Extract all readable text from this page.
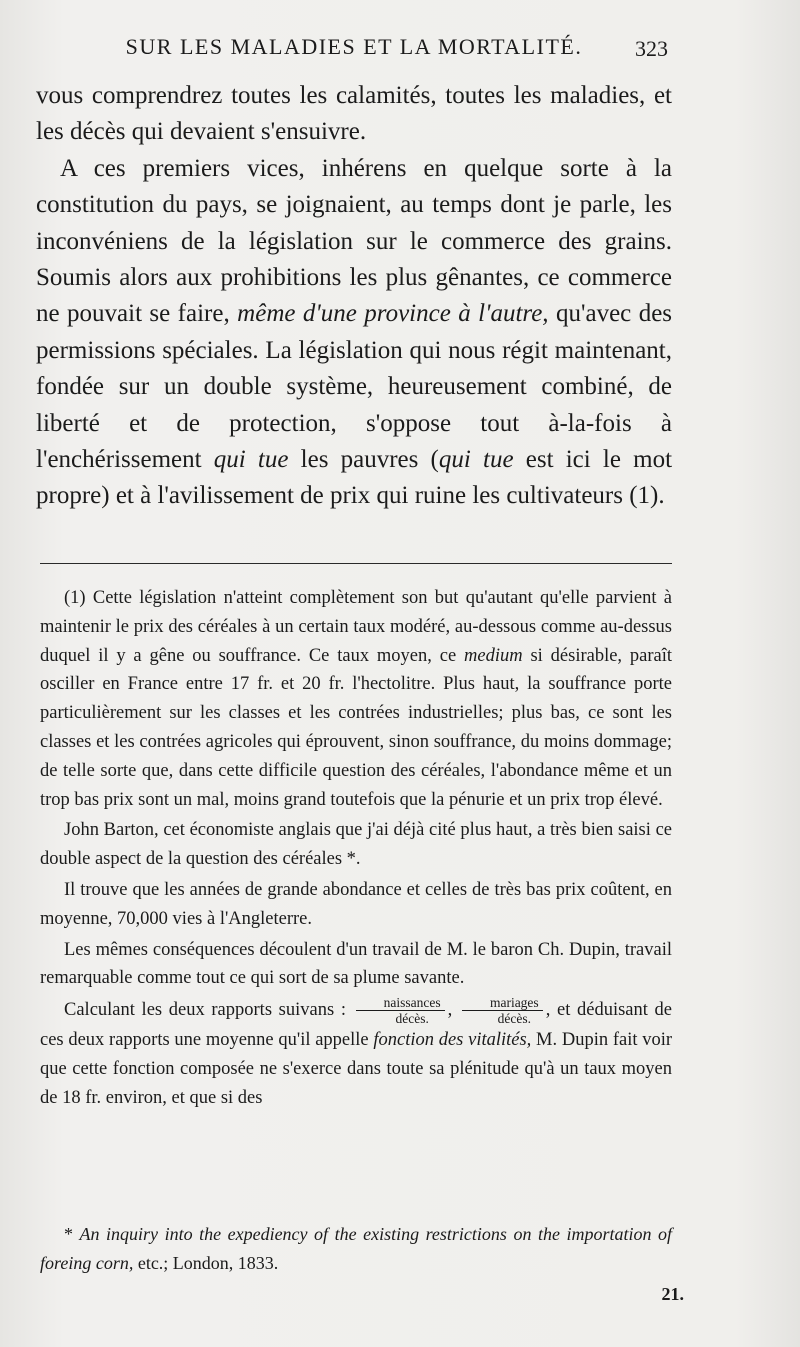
SUR LES MALADIES ET LA MORTALITÉ.	323

vous comprendrez toutes les calamités, toutes les maladies, et les décès qui devaient s'ensuivre.

A ces premiers vices, inhérens en quelque sorte à la constitution du pays, se joignaient, au temps dont je parle, les inconvéniens de la législation sur le commerce des grains. Soumis alors aux prohibitions les plus gênantes, ce commerce ne pouvait se faire, même d'une province à l'autre, qu'avec des permissions spéciales. La législation qui nous régit maintenant, fondée sur un double système, heureusement combiné, de liberté et de protection, s'oppose tout à-la-fois à l'enchérissement qui tue les pauvres (qui tue est ici le mot propre) et à l'avilissement de prix qui ruine les cultivateurs (1).

(1) Cette législation n'atteint complètement son but qu'autant qu'elle parvient à maintenir le prix des céréales à un certain taux modéré, au-dessous comme au-dessus duquel il y a gêne ou souffrance. Ce taux moyen, ce medium si désirable, paraît osciller en France entre 17 fr. et 20 fr. l'hectolitre. Plus haut, la souffrance porte particulièrement sur les classes et les contrées industrielles; plus bas, ce sont les classes et les contrées agricoles qui éprouvent, sinon souffrance, du moins dommage; de telle sorte que, dans cette difficile question des céréales, l'abondance même et un trop bas prix sont un mal, moins grand toutefois que la pénurie et un prix trop élevé.

John Barton, cet économiste anglais que j'ai déjà cité plus haut, a très bien saisi ce double aspect de la question des céréales *.

Il trouve que les années de grande abondance et celles de très bas prix coûtent, en moyenne, 70,000 vies à l'Angleterre.

Les mêmes conséquences découlent d'un travail de M. le baron Ch. Dupin, travail remarquable comme tout ce qui sort de sa plume savante.

Calculant les deux rapports suivans : $\frac{\text{naissances}}{\text{décès.}}$ , $\frac{\text{mariages}}{\text{décès.}}$ , et déduisant de ces deux rapports une moyenne qu'il appelle fonction des vitalités, M. Dupin fait voir que cette fonction composée ne s'exerce dans toute sa plénitude qu'à un taux moyen de 18 fr. environ, et que si des

* An inquiry into the expediency of the existing restrictions on the importation of foreing corn, etc.; London, 1833.
21.
